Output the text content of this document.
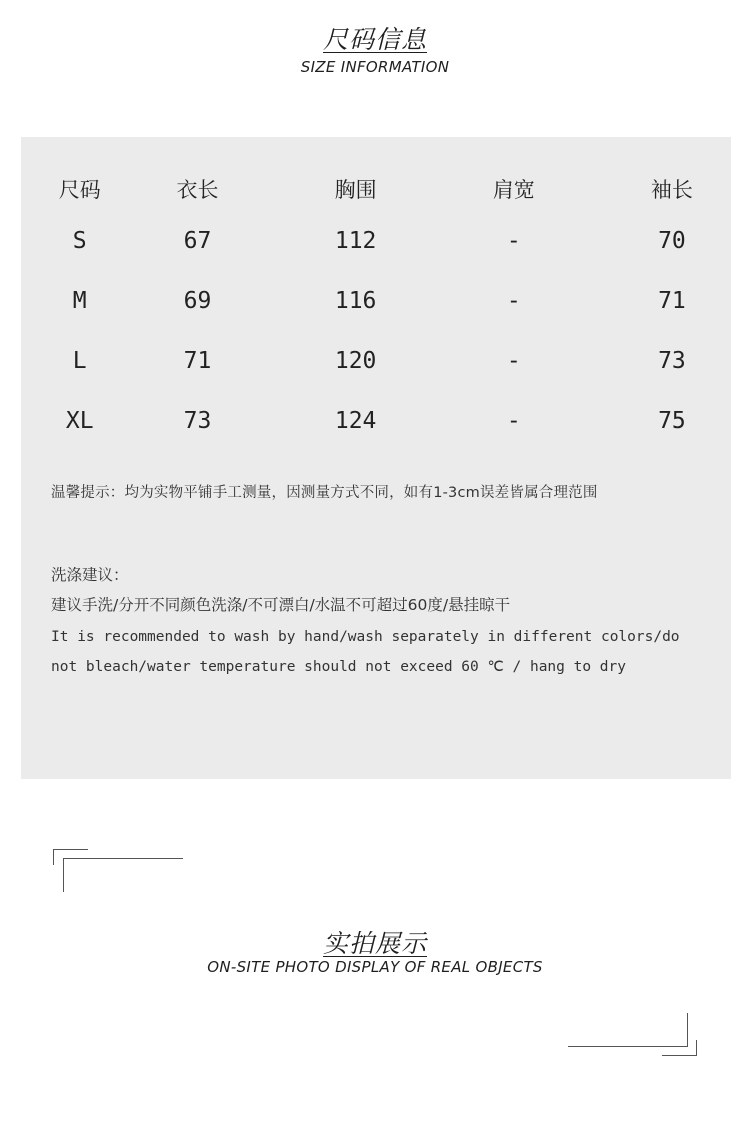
尺码信息
SIZE INFORMATION
尺码	衣长	胸围	肩宽	袖长
S	67	112	-	70
M	69	116	-	71
L	71	120	-	73
XL	73	124	-	75
温馨提示：均为实物平铺手工测量，因测量方式不同，如有1-3cm误差皆属合理范围
洗涤建议：
建议手洗/分开不同颜色洗涤/不可漂白/水温不可超过60度/悬挂晾干
It is recommended to wash by hand/wash separately in different colors/do not bleach/water temperature should not exceed 60 ℃ / hang to dry
实拍展示
ON-SITE PHOTO DISPLAY OF REAL OBJECTS
